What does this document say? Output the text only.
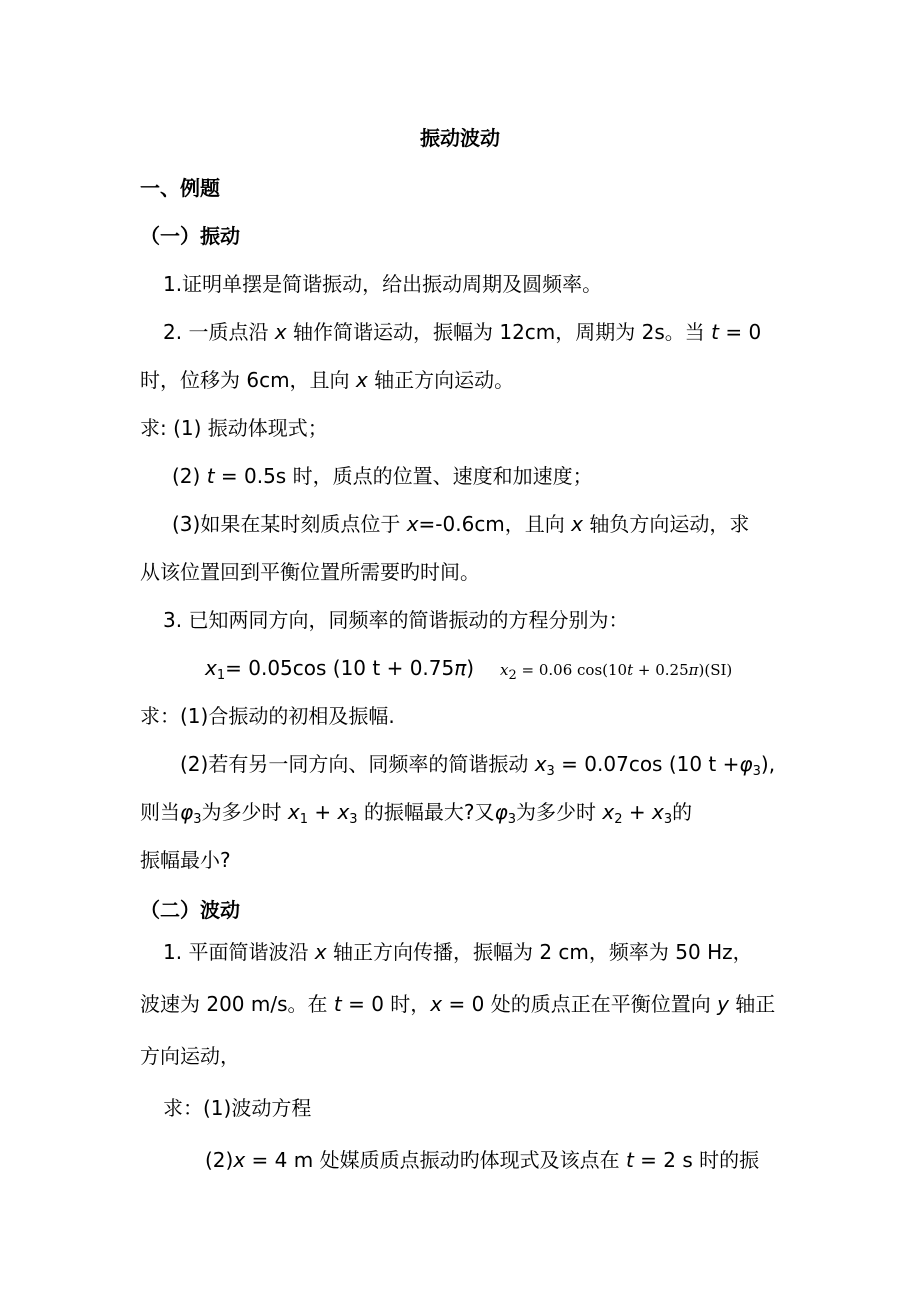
振动波动
一、例题
（一）振动
1.证明单摆是简谐振动，给出振动周期及圆频率。
2. 一质点沿 x 轴作简谐运动，振幅为 12cm，周期为 2s。当 t = 0
时，位移为 6cm，且向 x 轴正方向运动。
求: (1) 振动体现式；
(2) t = 0.5s 时，质点的位置、速度和加速度；
(3)如果在某时刻质点位于 x=-0.6cm，且向 x 轴负方向运动，求
从该位置回到平衡位置所需要旳时间。
3. 已知两同方向，同频率的简谐振动的方程分别为：
$x_1= 0.05\cos$ (10 t + 0.75π) $x_2 = 0.06$ cos(10t + 0.25π)(SI)
求：(1)合振动的初相及振幅.
(2)若有另一同方向、同频率的简谐振动 $x_3 = 0.07\cos$ (10 $t +\varphi_3$),
则当$\varphi_3$为多少时 $x_1 + x_3$ 的振幅最大?又$\varphi_3$为多少时 $x_2 + x_3$的
振幅最小?
（二）波动
1. 平面简谐波沿 x 轴正方向传播，振幅为 2 cm，频率为 50 Hz，
波速为 200 m/s。在 t = 0 时，x = 0 处的质点正在平衡位置向 y 轴正
方向运动，
求：(1)波动方程
(2)x = 4 m 处媒质质点振动旳体现式及该点在 t = 2 s 时的振
